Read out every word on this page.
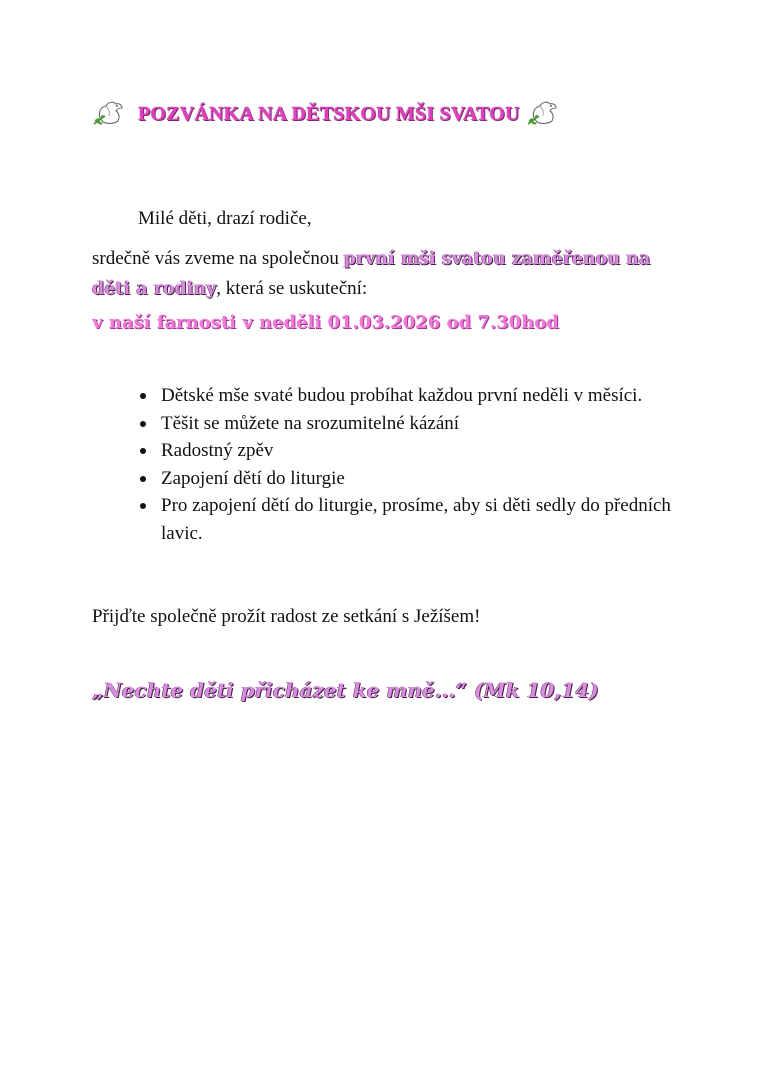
POZVÁNKA NA DĚTSKOU MŠI SVATOU
Milé děti, drazí rodiče,
srdečně vás zveme na společnou první mši svatou zaměřenou na děti a rodiny, která se uskuteční:
v naší farnosti v neděli 01.03.2026 od 7.30hod
Dětské mše svaté budou probíhat každou první neděli v měsíci.
Těšit se můžete na srozumitelné kázání
Radostný zpěv
Zapojení dětí do liturgie
Pro zapojení dětí do liturgie, prosíme, aby si děti sedly do předních lavic.
Přijďte společně prožít radost ze setkání s Ježíšem!
„Nechte děti přicházet ke mně...“ (Mk 10,14)
